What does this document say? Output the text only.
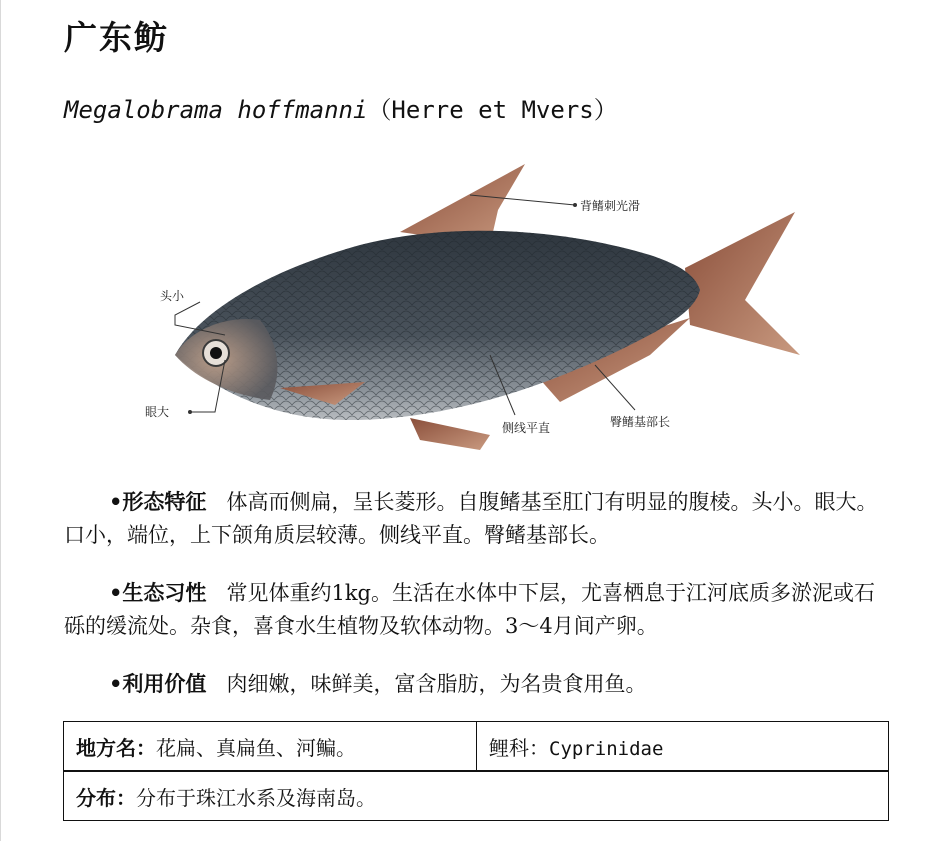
广东鲂
Megalobrama hoffmanni（Herre et Mvers）
背鳍刺光滑
头小
眼大
侧线平直	臀鳍基部长
•形态特征 体高而侧扁，呈长菱形。自腹鳍基至肛门有明显的腹棱。头小。眼大。口小，端位，上下颌角质层较薄。侧线平直。臀鳍基部长。
•生态习性 常见体重约1kg。生活在水体中下层，尤喜栖息于江河底质多淤泥或石砾的缓流处。杂食，喜食水生植物及软体动物。3～4月间产卵。
•利用价值 肉细嫩，味鲜美，富含脂肪，为名贵食用鱼。
地方名：花扁、真扁鱼、河鳊。	鲤科：Cyprinidae
分布：分布于珠江水系及海南岛。
